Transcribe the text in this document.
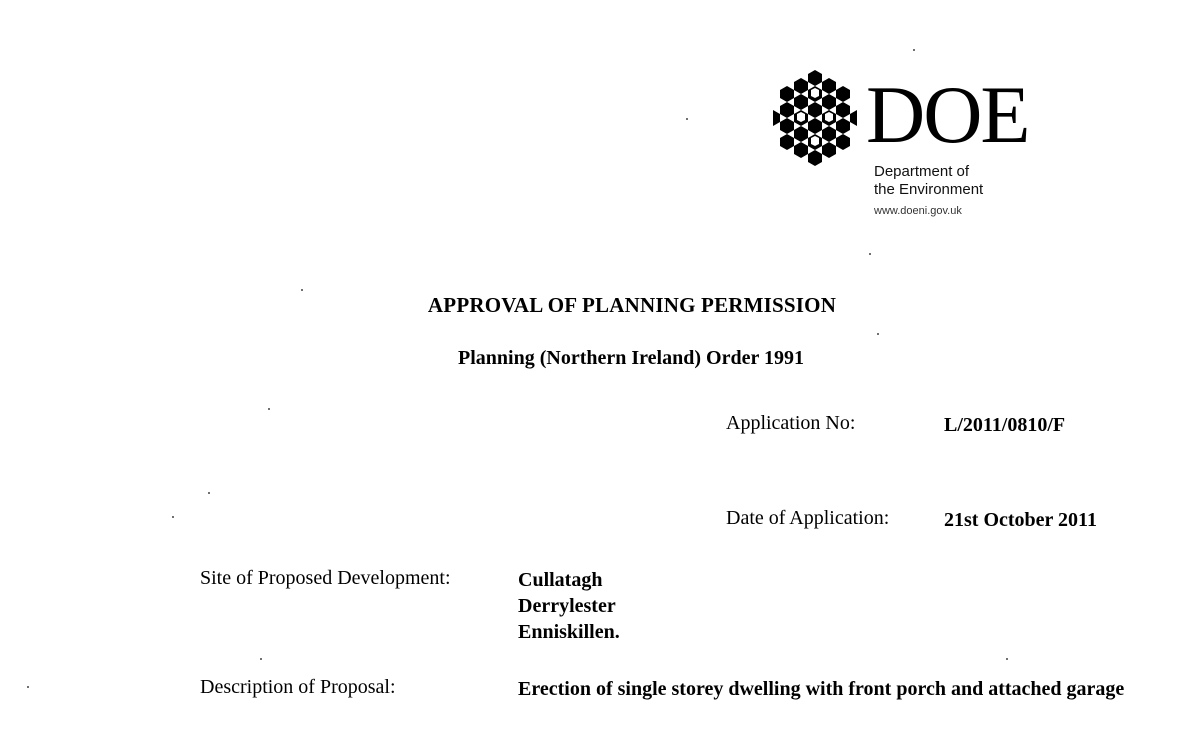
DOE
Department of
the Environment
www.doeni.gov.uk
APPROVAL OF PLANNING PERMISSION
Planning (Northern Ireland) Order 1991
Application No:	L/2011/0810/F
Date of Application:	21st October 2011
Site of Proposed Development:	Cullatagh
Derrylester
Enniskillen.
Description of Proposal:	Erection of single storey dwelling with front porch and attached garage
